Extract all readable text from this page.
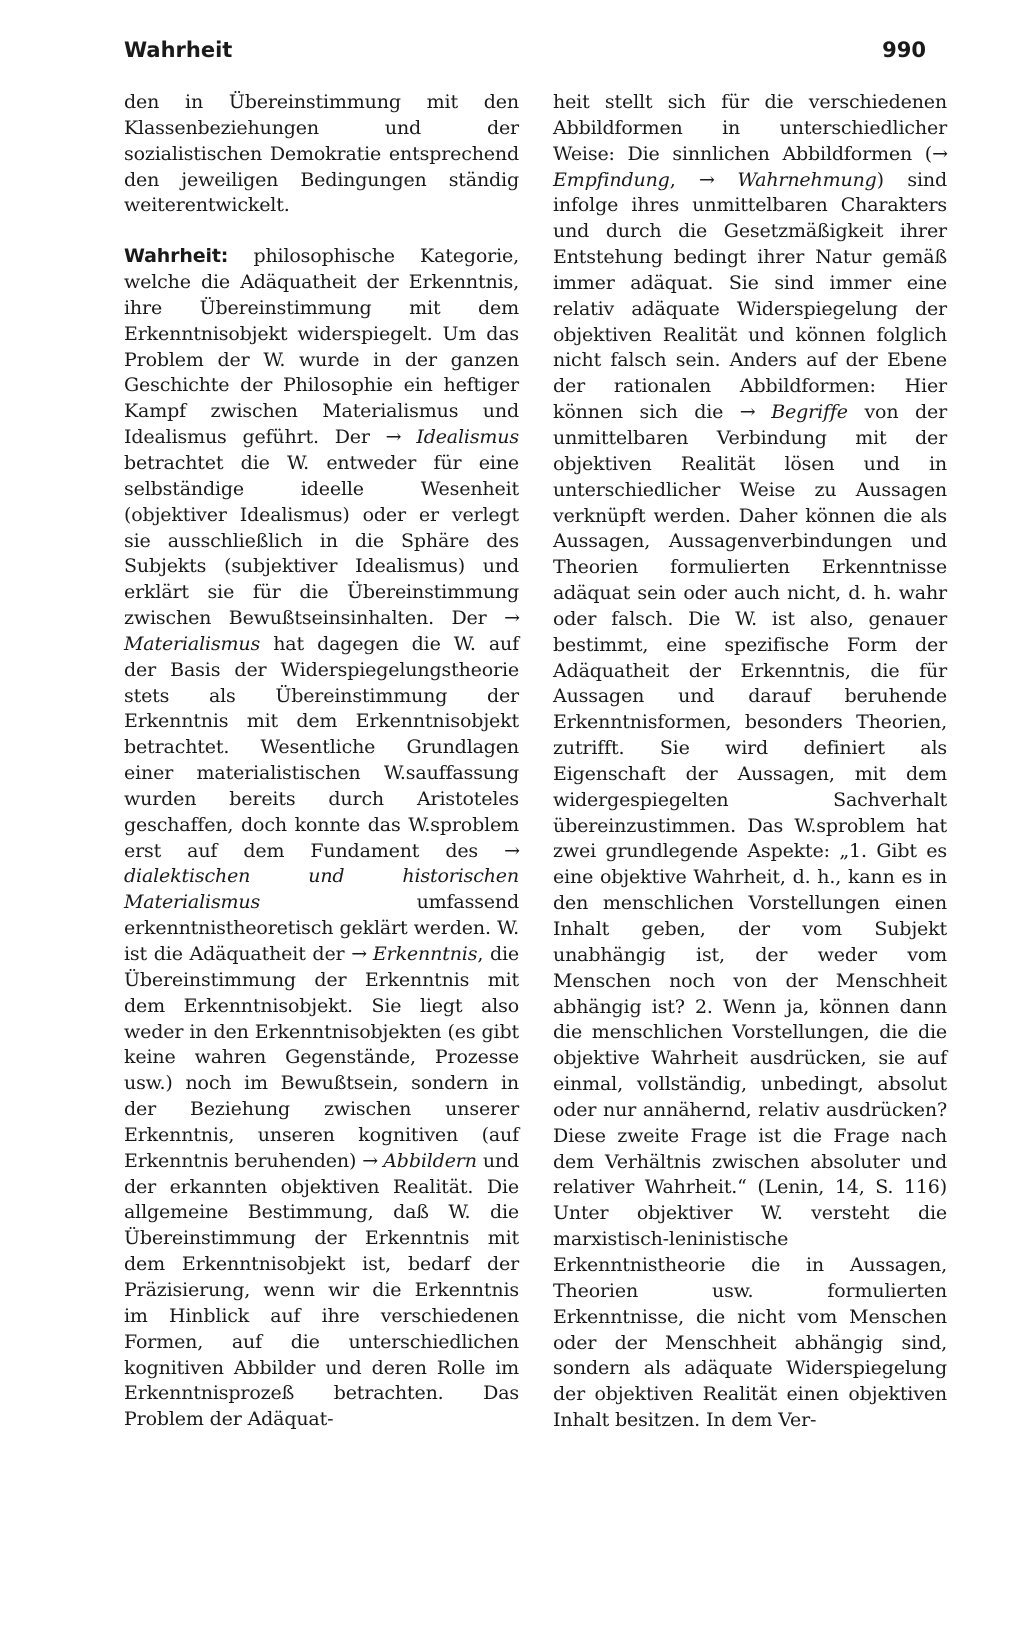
Wahrheit	990

den in Übereinstimmung mit den Klassenbeziehungen und der sozialistischen Demokratie entsprechend den jeweiligen Bedingungen ständig weiterentwickelt.

Wahrheit: philosophische Kategorie, welche die Adäquatheit der Erkenntnis, ihre Übereinstimmung mit dem Erkenntnisobjekt widerspiegelt. Um das Problem der W. wurde in der ganzen Geschichte der Philosophie ein heftiger Kampf zwischen Materialismus und Idealismus geführt. Der → Idealismus betrachtet die W. entweder für eine selbständige ideelle Wesenheit (objektiver Idealismus) oder er verlegt sie ausschließlich in die Sphäre des Subjekts (subjektiver Idealismus) und erklärt sie für die Übereinstimmung zwischen Bewußtseinsinhalten. Der → Materialismus hat dagegen die W. auf der Basis der Widerspiegelungstheorie stets als Übereinstimmung der Erkenntnis mit dem Erkenntnisobjekt betrachtet. Wesentliche Grundlagen einer materialistischen W.sauffassung wurden bereits durch Aristoteles geschaffen, doch konnte das W.sproblem erst auf dem Fundament des → dialektischen und historischen Materialismus umfassend erkenntnistheoretisch geklärt werden. W. ist die Adäquatheit der → Erkenntnis, die Übereinstimmung der Erkenntnis mit dem Erkenntnisobjekt. Sie liegt also weder in den Erkenntnisobjekten (es gibt keine wahren Gegenstände, Prozesse usw.) noch im Bewußtsein, sondern in der Beziehung zwischen unserer Erkenntnis, unseren kognitiven (auf Erkenntnis beruhenden) → Abbildern und der erkannten objektiven Realität. Die allgemeine Bestimmung, daß W. die Übereinstimmung der Erkenntnis mit dem Erkenntnisobjekt ist, bedarf der Präzisierung, wenn wir die Erkenntnis im Hinblick auf ihre verschiedenen Formen, auf die unterschiedlichen kognitiven Abbilder und deren Rolle im Erkenntnisprozeß betrachten. Das Problem der Adäquat-

heit stellt sich für die verschiedenen Abbildformen in unterschiedlicher Weise: Die sinnlichen Abbildformen (→ Empfindung, → Wahrnehmung) sind infolge ihres unmittelbaren Charakters und durch die Gesetzmäßigkeit ihrer Entstehung bedingt ihrer Natur gemäß immer adäquat. Sie sind immer eine relativ adäquate Widerspiegelung der objektiven Realität und können folglich nicht falsch sein. Anders auf der Ebene der rationalen Abbildformen: Hier können sich die → Begriffe von der unmittelbaren Verbindung mit der objektiven Realität lösen und in unterschiedlicher Weise zu Aussagen verknüpft werden. Daher können die als Aussagen, Aussagenverbindungen und Theorien formulierten Erkenntnisse adäquat sein oder auch nicht, d. h. wahr oder falsch. Die W. ist also, genauer bestimmt, eine spezifische Form der Adäquatheit der Erkenntnis, die für Aussagen und darauf beruhende Erkenntnisformen, besonders Theorien, zutrifft. Sie wird definiert als Eigenschaft der Aussagen, mit dem widergespiegelten Sachverhalt übereinzustimmen. Das W.sproblem hat zwei grundlegende Aspekte: „1. Gibt es eine objektive Wahrheit, d. h., kann es in den menschlichen Vorstellungen einen Inhalt geben, der vom Subjekt unabhängig ist, der weder vom Menschen noch von der Menschheit abhängig ist? 2. Wenn ja, können dann die menschlichen Vorstellungen, die die objektive Wahrheit ausdrücken, sie auf einmal, vollständig, unbedingt, absolut oder nur annähernd, relativ ausdrücken? Diese zweite Frage ist die Frage nach dem Verhältnis zwischen absoluter und relativer Wahrheit.“ (Lenin, 14, S. 116) Unter objektiver W. versteht die marxistisch-leninistische Erkenntnistheorie die in Aussagen, Theorien usw. formulierten Erkenntnisse, die nicht vom Menschen oder der Menschheit abhängig sind, sondern als adäquate Widerspiegelung der objektiven Realität einen objektiven Inhalt besitzen. In dem Ver-
